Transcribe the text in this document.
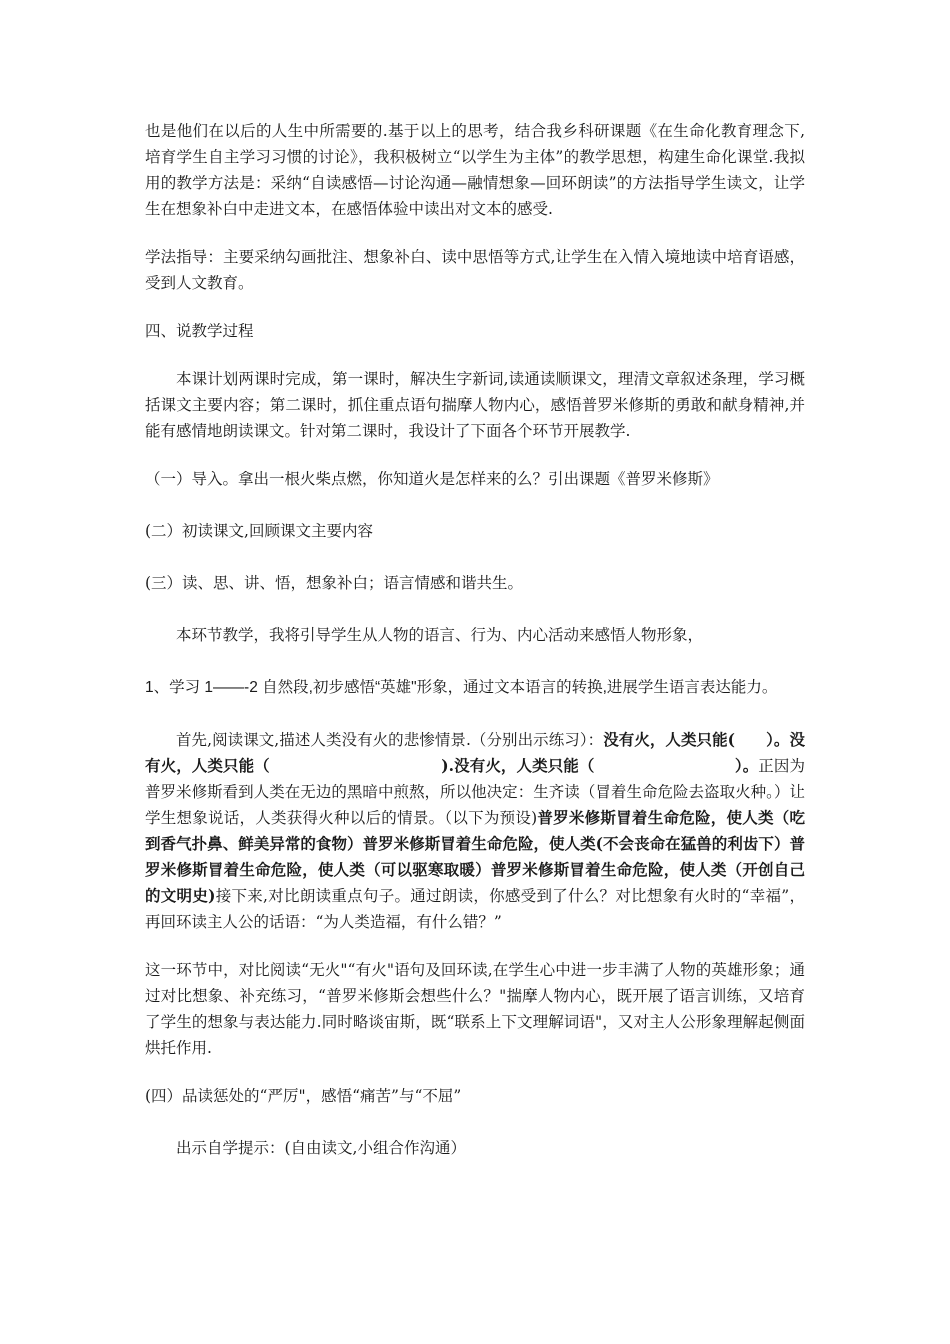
也是他们在以后的人生中所需要的.基于以上的思考，结合我乡科研课题《在生命化教育理念下,培育学生自主学习习惯的讨论》，我积极树立“以学生为主体”的教学思想，构建生命化课堂.我拟用的教学方法是：采纳“自读感悟—讨论沟通—融情想象—回环朗读”的方法指导学生读文，让学生在想象补白中走进文本，在感悟体验中读出对文本的感受.

学法指导：主要采纳勾画批注、想象补白、读中思悟等方式,让学生在入情入境地读中培育语感，受到人文教育。

四、说教学过程

本课计划两课时完成，第一课时，解决生字新词,读通读顺课文，理清文章叙述条理，学习概括课文主要内容；第二课时，抓住重点语句揣摩人物内心，感悟普罗米修斯的勇敢和献身精神,并能有感情地朗读课文。针对第二课时，我设计了下面各个环节开展教学.

（一）导入。拿出一根火柴点燃，你知道火是怎样来的么？引出课题《普罗米修斯》

(二）初读课文,回顾课文主要内容

(三）读、思、讲、悟，想象补白；语言情感和谐共生。

本环节教学，我将引导学生从人物的语言、行为、内心活动来感悟人物形象，

1、学习 1——-2 自然段,初步感悟“英雄"形象，通过文本语言的转换,进展学生语言表达能力。

首先,阅读课文,描述人类没有火的悲惨情景.（分别出示练习）：没有火，人类只能(　　）。没有火，人类只能（　　　　　　　　　　　).没有火，人类只能（　　　　　　　　　）。正因为普罗米修斯看到人类在无边的黑暗中煎熬，所以他决定：生齐读（冒着生命危险去盗取火种。）让学生想象说话，人类获得火种以后的情景。（以下为预设)普罗米修斯冒着生命危险，使人类（吃到香气扑鼻、鲜美异常的食物）普罗米修斯冒着生命危险，使人类(不会丧命在猛兽的利齿下）普罗米修斯冒着生命危险，使人类（可以驱寒取暖）普罗米修斯冒着生命危险，使人类（开创自己的文明史)接下来,对比朗读重点句子。通过朗读，你感受到了什么？对比想象有火时的“幸福”，再回环读主人公的话语：“为人类造福，有什么错？”

这一环节中，对比阅读“无火"“有火"语句及回环读,在学生心中进一步丰满了人物的英雄形象；通过对比想象、补充练习，“普罗米修斯会想些什么？"揣摩人物内心，既开展了语言训练，又培育了学生的想象与表达能力.同时略谈宙斯，既“联系上下文理解词语"，又对主人公形象理解起侧面烘托作用.

(四）品读惩处的“严厉"，感悟“痛苦”与“不屈”

出示自学提示：(自由读文,小组合作沟通）
